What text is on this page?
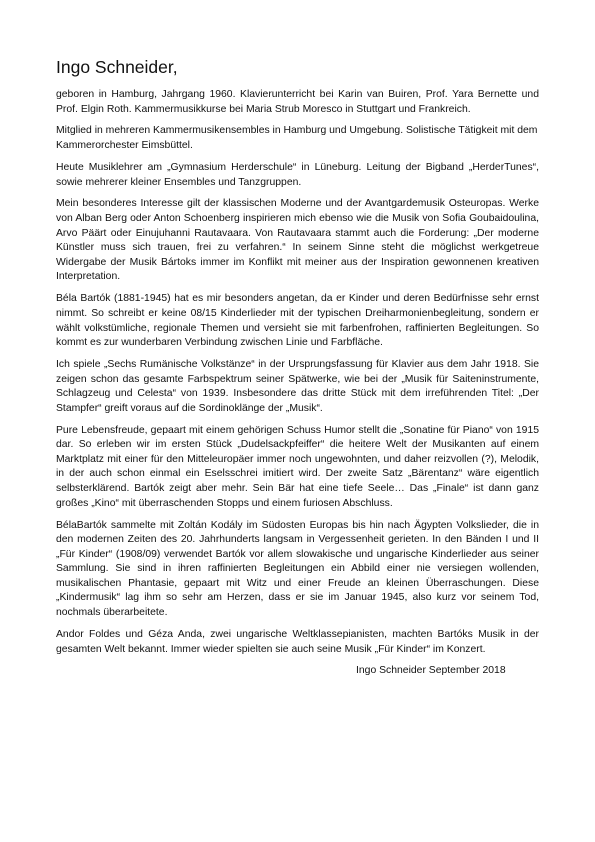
Ingo Schneider,

geboren in Hamburg, Jahrgang 1960. Klavierunterricht bei Karin van Buiren, Prof. Yara Bernette und Prof. Elgin Roth. Kammermusikkurse bei Maria Strub Moresco in Stuttgart und Frankreich.

Mitglied in mehreren Kammermusikensembles in Hamburg und Umgebung. Solistische Tätigkeit mit dem Kammerorchester Eimsbüttel.

Heute Musiklehrer am „Gymnasium Herderschule“ in Lüneburg. Leitung der Bigband „HerderTunes“, sowie mehrerer kleiner Ensembles und Tanzgruppen.

Mein besonderes Interesse gilt der klassischen Moderne und der Avantgardemusik Osteuropas. Werke von Alban Berg oder Anton Schoenberg inspirieren mich ebenso wie die Musik von Sofia Goubaidoulina, Arvo Päärt oder Einujuhanni Rautavaara. Von Rautavaara stammt auch die Forderung: „Der moderne Künstler muss sich trauen, frei zu verfahren.“ In seinem Sinne steht die möglichst werkgetreue Widergabe der Musik Bártoks immer im Konflikt mit meiner aus der Inspiration gewonnenen kreativen Interpretation.

Béla Bartók (1881-1945) hat es mir besonders angetan, da er Kinder und deren Bedürfnisse sehr ernst nimmt. So schreibt er keine 08/15 Kinderlieder mit der typischen Dreiharmonienbegleitung, sondern er wählt volkstümliche, regionale Themen und versieht sie mit farbenfrohen, raffinierten Begleitungen. So kommt es zur wunderbaren Verbindung zwischen Linie und Farbfläche.

Ich spiele „Sechs Rumänische Volkstänze“ in der Ursprungsfassung für Klavier aus dem Jahr 1918. Sie zeigen schon das gesamte Farbspektrum seiner Spätwerke, wie bei der „Musik für Saiteninstrumente, Schlagzeug und Celesta“ von 1939. Insbesondere das dritte Stück mit dem irreführenden Titel: „Der Stampfer“ greift voraus auf die Sordinoklänge der „Musik“.

Pure Lebensfreude, gepaart mit einem gehörigen Schuss Humor stellt die „Sonatine für Piano“ von 1915 dar. So erleben wir im ersten Stück „Dudelsackpfeiffer“ die heitere Welt der Musikanten auf einem Marktplatz mit einer für den Mitteleuropäer immer noch ungewohnten, und daher reizvollen (?), Melodik, in der auch schon einmal ein Eselsschrei imitiert wird. Der zweite Satz „Bärentanz“ wäre eigentlich selbsterklärend. Bartók zeigt aber mehr. Sein Bär hat eine tiefe Seele… Das „Finale“ ist dann ganz großes „Kino“ mit überraschenden Stopps und einem furiosen Abschluss.

BélaBartók sammelte mit Zoltán Kodály im Südosten Europas bis hin nach Ägypten Volkslieder, die in den modernen Zeiten des 20. Jahrhunderts langsam in Vergessenheit gerieten. In den Bänden I und II „Für Kinder“ (1908/09) verwendet Bartók vor allem slowakische und ungarische Kinderlieder aus seiner Sammlung. Sie sind in ihren raffinierten Begleitungen ein Abbild einer nie versiegen wollenden, musikalischen Phantasie, gepaart mit Witz und einer Freude an kleinen Überraschungen. Diese „Kindermusik“ lag ihm so sehr am Herzen, dass er sie im Januar 1945, also kurz vor seinem Tod, nochmals überarbeitete.

Andor Foldes und Géza Anda, zwei ungarische Weltklassepianisten, machten Bartóks Musik in der gesamten Welt bekannt. Immer wieder spielten sie auch seine Musik „Für Kinder“ im Konzert.

Ingo Schneider September 2018
